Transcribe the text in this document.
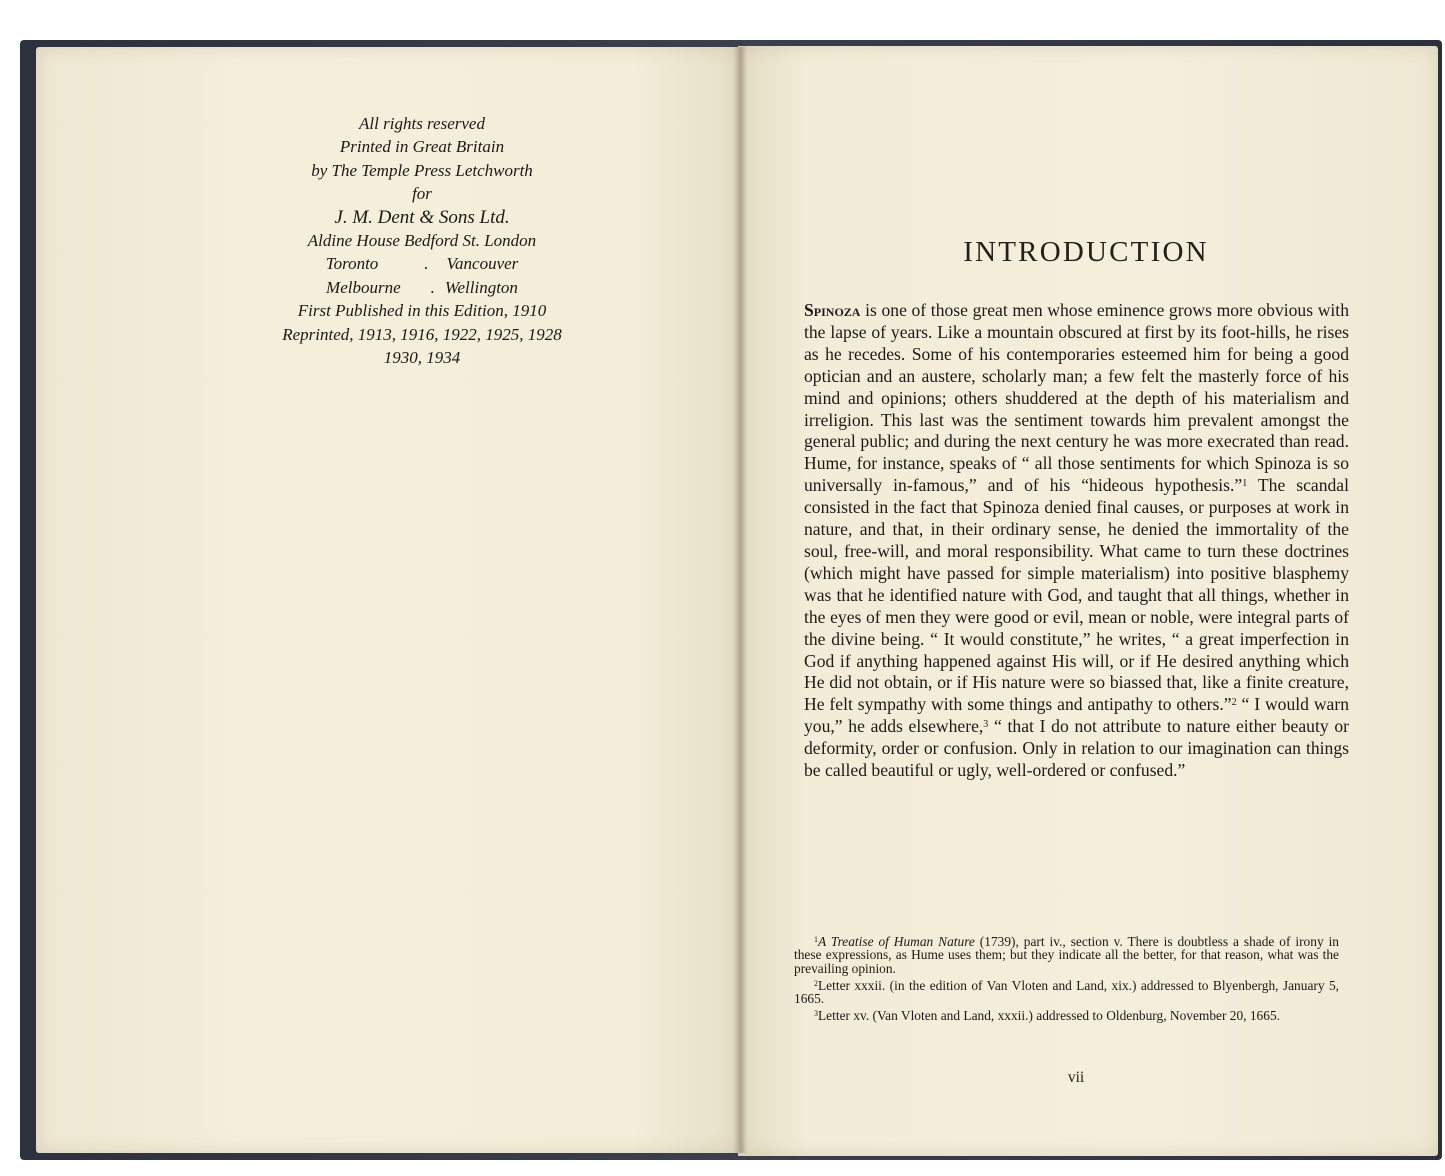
All rights reserved
Printed in Great Britain
by The Temple Press Letchworth
for
J. M. Dent & Sons Ltd.
Aldine House Bedford St. London
Toronto	. Vancouver
Melbourne . Wellington
First Published in this Edition, 1910
Reprinted, 1913, 1916, 1922, 1925, 1928
1930, 1934
INTRODUCTION

Spinoza is one of those great men whose eminence grows more obvious with the lapse of years. Like a mountain obscured at first by its foot-hills, he rises as he recedes. Some of his contemporaries esteemed him for being a good optician and an austere, scholarly man; a few felt the masterly force of his mind and opinions; others shuddered at the depth of his materialism and irreligion. This last was the sentiment towards him prevalent amongst the general public; and during the next century he was more execrated than read. Hume, for instance, speaks of “ all those sentiments for which Spinoza is so universally in-famous,” and of his “hideous hypothesis.”$^1$ The scandal consisted in the fact that Spinoza denied final causes, or purposes at work in nature, and that, in their ordinary sense, he denied the immortality of the soul, free-will, and moral responsibility. What came to turn these doctrines (which might have passed for simple materialism) into positive blasphemy was that he identified nature with God, and taught that all things, whether in the eyes of men they were good or evil, mean or noble, were integral parts of the divine being. “ It would constitute,” he writes, “ a great imperfection in God if anything happened against His will, or if He desired anything which He did not obtain, or if His nature were so biassed that, like a finite creature, He felt sympathy with some things and antipathy to others.”$^2$ “ I would warn you,” he adds elsewhere,$^3$ “ that I do not attribute to nature either beauty or deformity, order or confusion. Only in relation to our imagination can things be called beautiful or ugly, well-ordered or confused.”

$^1$A Treatise of Human Nature (1739), part iv., section v. There is doubtless a shade of irony in these expressions, as Hume uses them; but they indicate all the better, for that reason, what was the prevailing opinion.

$^2$Letter xxxii. (in the edition of Van Vloten and Land, xix.) addressed to Blyenbergh, January 5, 1665.

$^3$Letter xv. (Van Vloten and Land, xxxii.) addressed to Oldenburg, November 20, 1665.

vii
